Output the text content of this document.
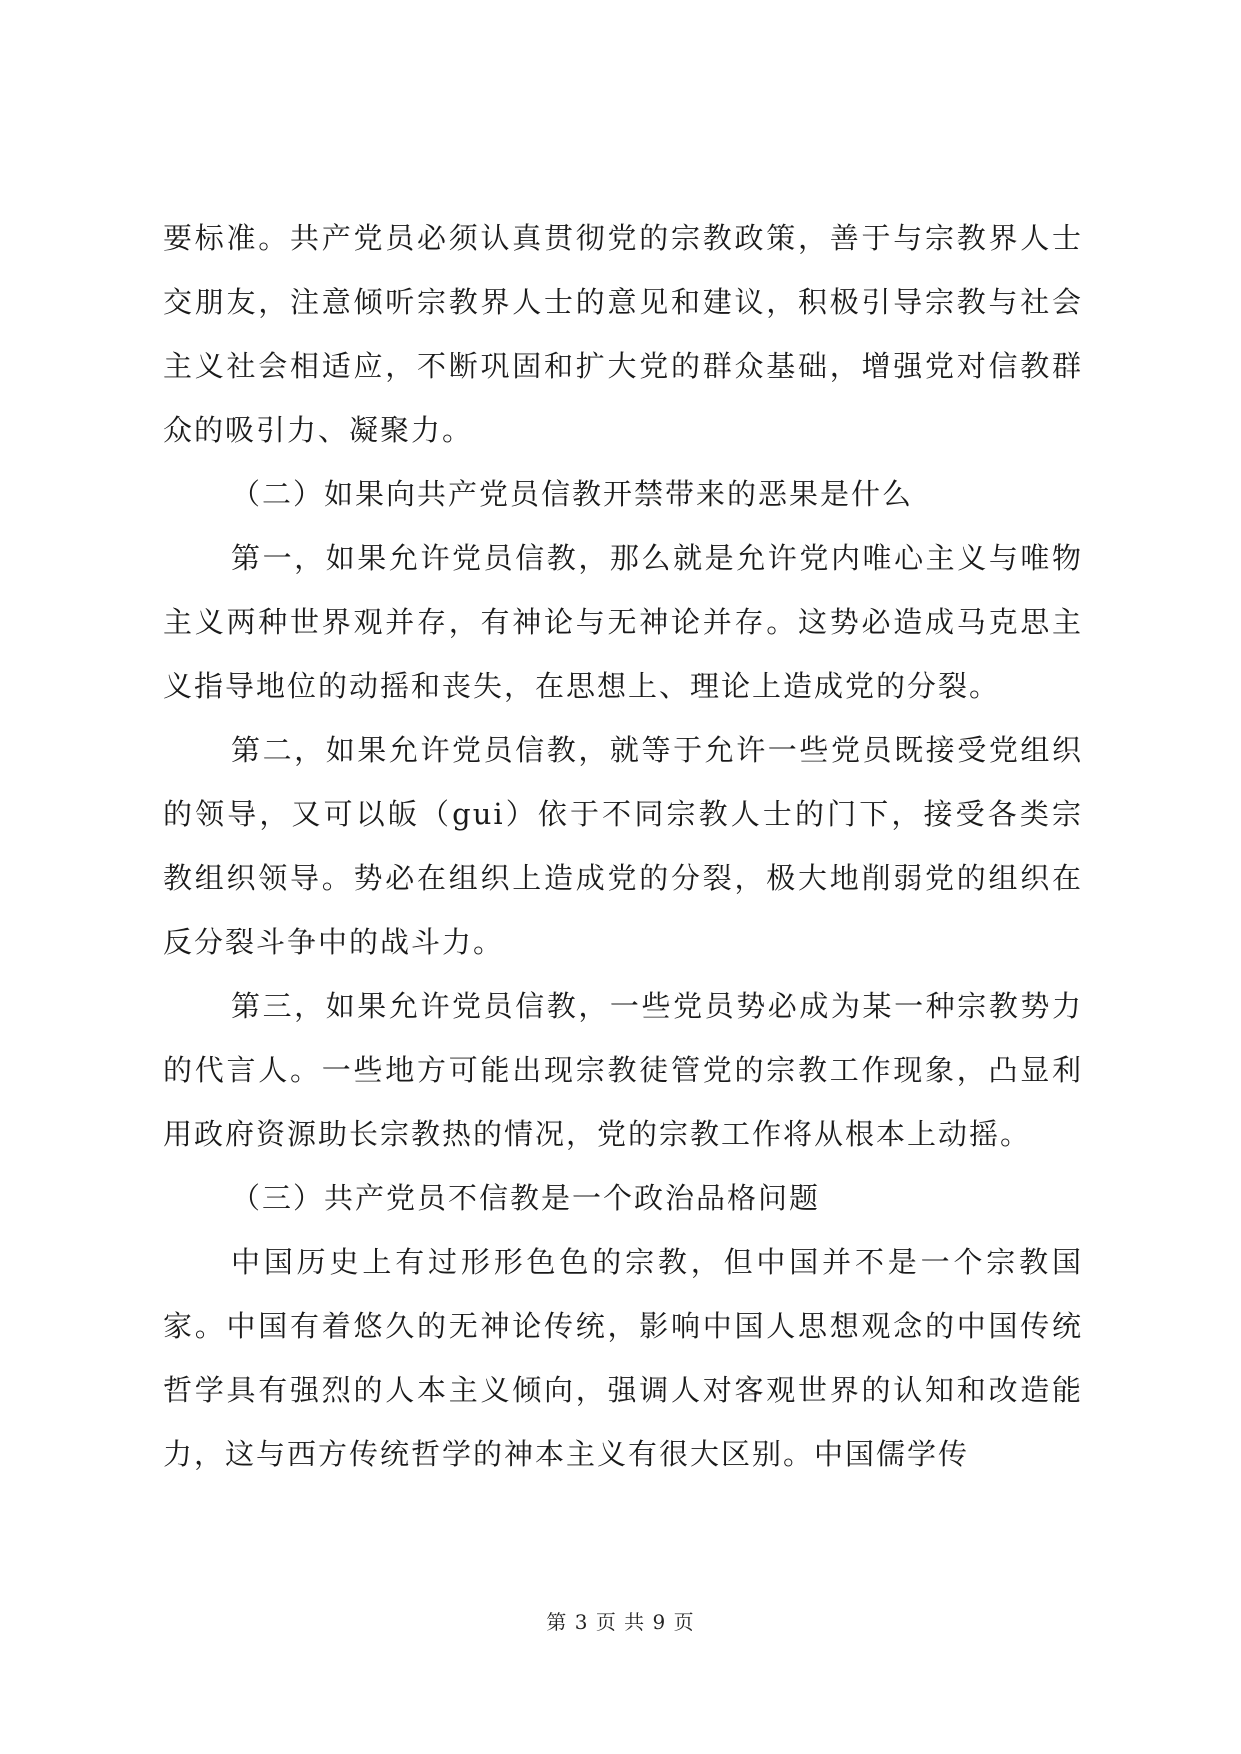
要标准。共产党员必须认真贯彻党的宗教政策，善于与宗教界人士交朋友，注意倾听宗教界人士的意见和建议，积极引导宗教与社会主义社会相适应，不断巩固和扩大党的群众基础，增强党对信教群众的吸引力、凝聚力。

（二）如果向共产党员信教开禁带来的恶果是什么

第一，如果允许党员信教，那么就是允许党内唯心主义与唯物主义两种世界观并存，有神论与无神论并存。这势必造成马克思主义指导地位的动摇和丧失，在思想上、理论上造成党的分裂。

第二，如果允许党员信教，就等于允许一些党员既接受党组织的领导，又可以皈（gui）依于不同宗教人士的门下，接受各类宗教组织领导。势必在组织上造成党的分裂，极大地削弱党的组织在反分裂斗争中的战斗力。

第三，如果允许党员信教，一些党员势必成为某一种宗教势力的代言人。一些地方可能出现宗教徒管党的宗教工作现象，凸显利用政府资源助长宗教热的情况，党的宗教工作将从根本上动摇。

（三）共产党员不信教是一个政治品格问题

中国历史上有过形形色色的宗教，但中国并不是一个宗教国家。中国有着悠久的无神论传统，影响中国人思想观念的中国传统哲学具有强烈的人本主义倾向，强调人对客观世界的认知和改造能力，这与西方传统哲学的神本主义有很大区别。中国儒学传

第 3 页 共 9 页
